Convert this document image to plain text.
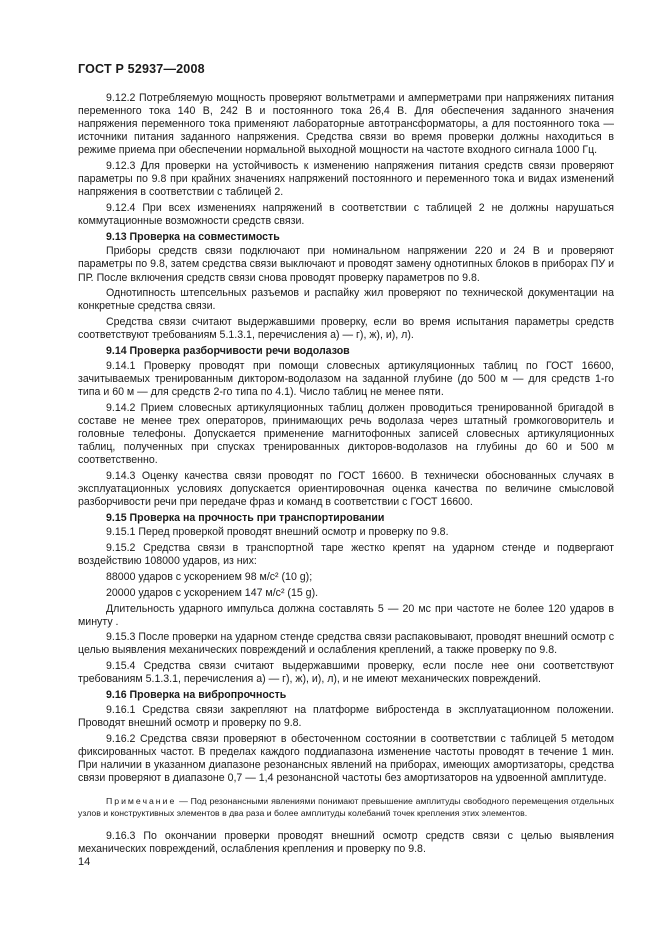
ГОСТ Р 52937—2008

9.12.2 Потребляемую мощность проверяют вольтметрами и амперметрами при напряжениях питания переменного тока 140 В, 242 В и постоянного тока 26,4 В. Для обеспечения заданного значения напряжения переменного тока применяют лабораторные автотрансформаторы, а для постоянного тока — источники питания заданного напряжения. Средства связи во время проверки должны находиться в режиме приема при обеспечении нормальной выходной мощности на частоте входного сигнала 1000 Гц.

9.12.3 Для проверки на устойчивость к изменению напряжения питания средств связи проверяют параметры по 9.8 при крайних значениях напряжений постоянного и переменного тока и видах изменений напряжения в соответствии с таблицей 2.

9.12.4 При всех изменениях напряжений в соответствии с таблицей 2 не должны нарушаться коммутационные возможности средств связи.

9.13 Проверка на совместимость

Приборы средств связи подключают при номинальном напряжении 220 и 24 В и проверяют параметры по 9.8, затем средства связи выключают и проводят замену однотипных блоков в приборах ПУ и ПР. После включения средств связи снова проводят проверку параметров по 9.8.

Однотипность штепсельных разъемов и распайку жил проверяют по технической документации на конкретные средства связи.

Средства связи считают выдержавшими проверку, если во время испытания параметры средств соответствуют требованиям 5.1.3.1, перечисления а) — г), ж), и), л).

9.14 Проверка разборчивости речи водолазов

9.14.1 Проверку проводят при помощи словесных артикуляционных таблиц по ГОСТ 16600, зачитываемых тренированным диктором-водолазом на заданной глубине (до 500 м — для средств 1-го типа и 60 м — для средств 2-го типа по 4.1). Число таблиц не менее пяти.

9.14.2 Прием словесных артикуляционных таблиц должен проводиться тренированной бригадой в составе не менее трех операторов, принимающих речь водолаза через штатный громкоговоритель и головные телефоны. Допускается применение магнитофонных записей словесных артикуляционных таблиц, полученных при спусках тренированных дикторов-водолазов на глубины до 60 и 500 м соответственно.

9.14.3 Оценку качества связи проводят по ГОСТ 16600. В технически обоснованных случаях в эксплуатационных условиях допускается ориентировочная оценка качества по величине смысловой разборчивости речи при передаче фраз и команд в соответствии с ГОСТ 16600.

9.15 Проверка на прочность при транспортировании

9.15.1 Перед проверкой проводят внешний осмотр и проверку по 9.8.

9.15.2 Средства связи в транспортной таре жестко крепят на ударном стенде и подвергают воздействию 108000 ударов, из них:

88000 ударов с ускорением 98 м/с² (10 g);

20000 ударов с ускорением 147 м/с² (15 g).

Длительность ударного импульса должна составлять 5 — 20 мс при частоте не более 120 ударов в минуту .

9.15.3 После проверки на ударном стенде средства связи распаковывают, проводят внешний осмотр с целью выявления механических повреждений и ослабления креплений, а также проверку по 9.8.

9.15.4 Средства связи считают выдержавшими проверку, если после нее они соответствуют требованиям 5.1.3.1, перечисления а) — г), ж), и), л), и не имеют механических повреждений.

9.16 Проверка на вибропрочность

9.16.1 Средства связи закрепляют на платформе вибростенда в эксплуатационном положении. Проводят внешний осмотр и проверку по 9.8.

9.16.2 Средства связи проверяют в обесточенном состоянии в соответствии с таблицей 5 методом фиксированных частот. В пределах каждого поддиапазона изменение частоты проводят в течение 1 мин. При наличии в указанном диапазоне резонансных явлений на приборах, имеющих амортизаторы, средства связи проверяют в диапазоне 0,7 — 1,4 резонансной частоты без амортизаторов на удвоенной амплитуде.

Примечание — Под резонансными явлениями понимают превышение амплитуды свободного перемещения отдельных узлов и конструктивных элементов в два раза и более амплитуды колебаний точек крепления этих элементов.

9.16.3 По окончании проверки проводят внешний осмотр средств связи с целью выявления механических повреждений, ослабления крепления и проверку по 9.8.

14
